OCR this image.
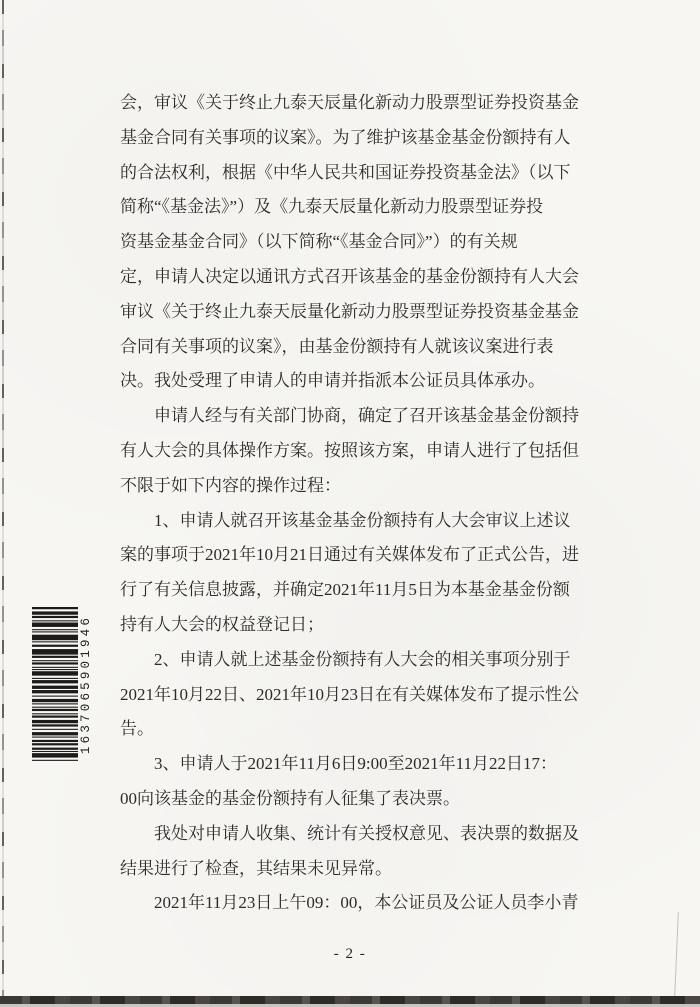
1637065901946
会，审议《关于终止九泰天辰量化新动力股票型证券投资基金
基金合同有关事项的议案》。为了维护该基金基金份额持有人
的合法权利，根据《中华人民共和国证券投资基金法》（以下
简称“《基金法》”）及《九泰天辰量化新动力股票型证券投
资基金基金合同》（以下简称“《基金合同》”）的有关规
定，申请人决定以通讯方式召开该基金的基金份额持有人大会
审议《关于终止九泰天辰量化新动力股票型证券投资基金基金
合同有关事项的议案》，由基金份额持有人就该议案进行表
决。我处受理了申请人的申请并指派本公证员具体承办。
　　申请人经与有关部门协商，确定了召开该基金基金份额持
有人大会的具体操作方案。按照该方案，申请人进行了包括但
不限于如下内容的操作过程：
　　1、申请人就召开该基金基金份额持有人大会审议上述议
案的事项于2021年10月21日通过有关媒体发布了正式公告，进
行了有关信息披露，并确定2021年11月5日为本基金基金份额
持有人大会的权益登记日；
　　2、申请人就上述基金份额持有人大会的相关事项分别于
2021年10月22日、2021年10月23日在有关媒体发布了提示性公
告。
　　3、申请人于2021年11月6日9:00至2021年11月22日17：
00向该基金的基金份额持有人征集了表决票。
　　我处对申请人收集、统计有关授权意见、表决票的数据及
结果进行了检查，其结果未见异常。
　　2021年11月23日上午09：00，本公证员及公证人员李小青
- 2 -
